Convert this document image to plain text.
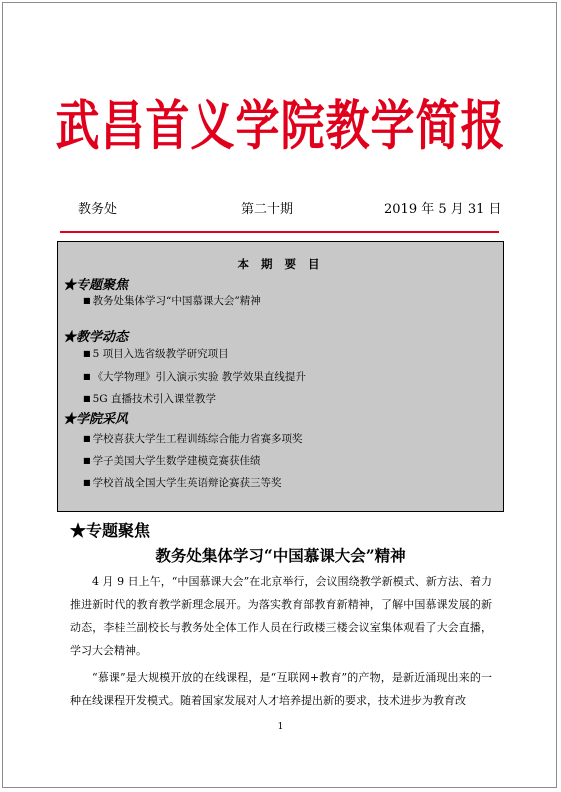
武昌首义学院教学简报
教务处	第二十期	2019 年 5 月 31 日
本 期 要 目
★专题聚焦
■ 教务处集体学习“中国慕课大会”精神
★教学动态
■ 5 项目入选省级教学研究项目
■ 《大学物理》引入演示实验 教学效果直线提升
■ 5G 直播技术引入课堂教学
★学院采风
■ 学校喜获大学生工程训练综合能力省赛多项奖
■ 学子美国大学生数学建模竞赛获佳绩
■ 学校首战全国大学生英语辩论赛获三等奖
★专题聚焦
教务处集体学习“中国慕课大会”精神
4 月 9 日上午，“中国慕课大会”在北京举行，会议围绕教学新模式、新方法、着力推进新时代的教育教学新理念展开。为落实教育部教育新精神，了解中国慕课发展的新动态，李桂兰副校长与教务处全体工作人员在行政楼三楼会议室集体观看了大会直播，学习大会精神。
“慕课”是大规模开放的在线课程，是“互联网+教育”的产物，是新近涌现出来的一种在线课程开发模式。随着国家发展对人才培养提出新的要求，技术进步为教育改
1
